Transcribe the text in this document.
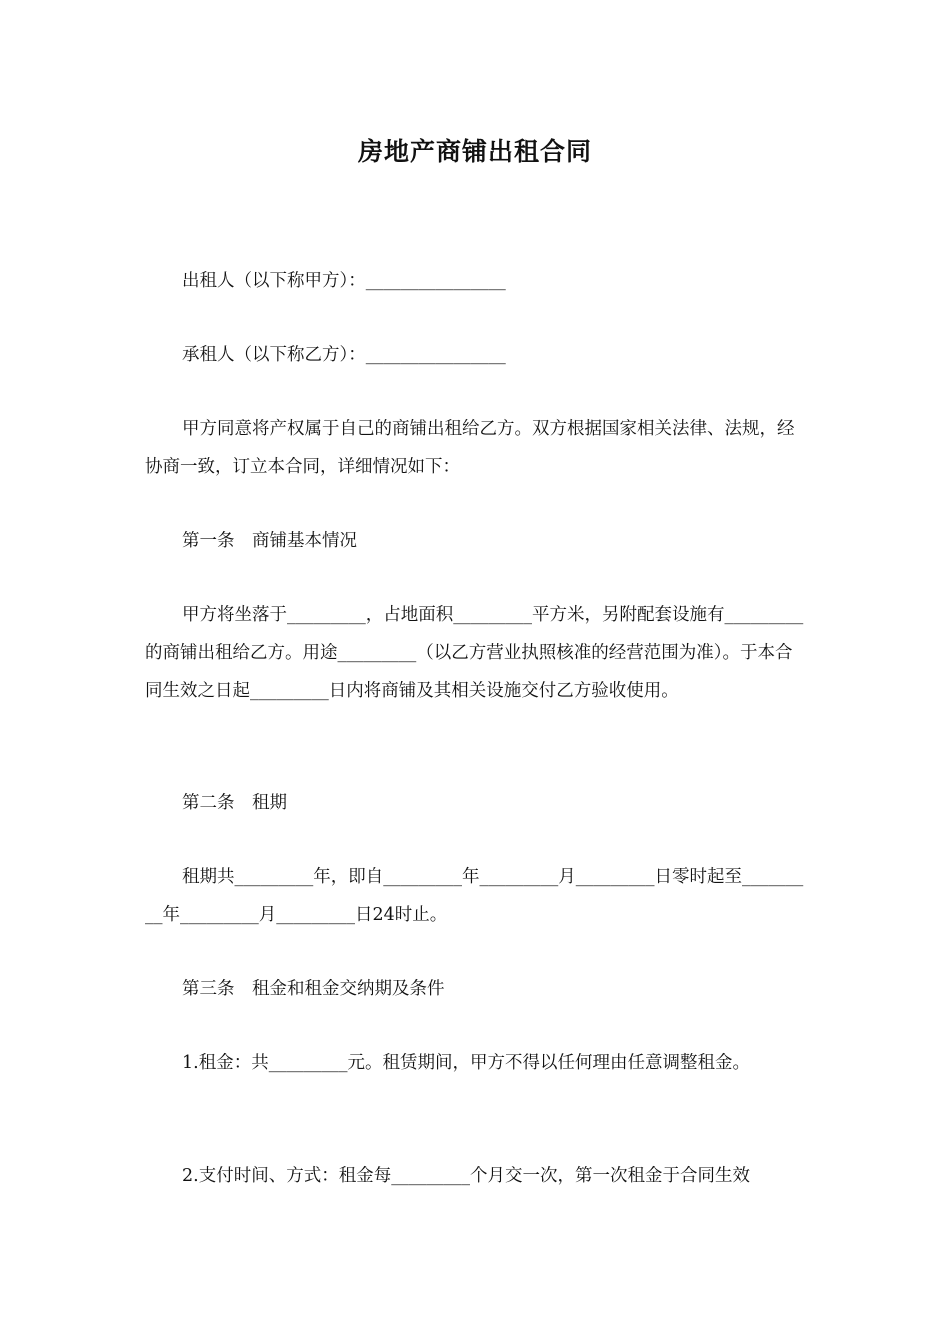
房地产商铺出租合同

出租人（以下称甲方）：________________

承租人（以下称乙方）：________________

甲方同意将产权属于自己的商铺出租给乙方。双方根据国家相关法律、法规，经协商一致，订立本合同，详细情况如下：

第一条　商铺基本情况

甲方将坐落于_________，占地面积_________平方米，另附配套设施有_________的商铺出租给乙方。用途_________（以乙方营业执照核准的经营范围为准）。于本合同生效之日起_________日内将商铺及其相关设施交付乙方验收使用。

第二条　租期

租期共_________年，即自_________年_________月_________日零时起至_________年_________月_________日24时止。

第三条　租金和租金交纳期及条件

1.租金：共_________元。租赁期间，甲方不得以任何理由任意调整租金。

2.支付时间、方式：租金每_________个月交一次，第一次租金于合同生效
